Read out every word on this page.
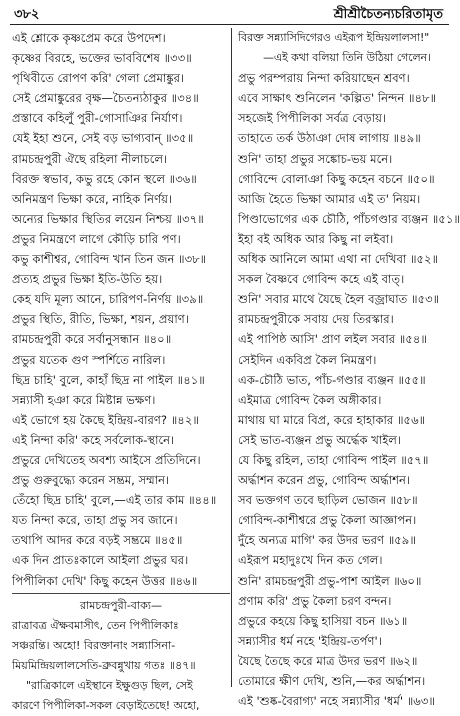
৩৮২	শ্রীশ্রীচৈতন্যচরিতামৃত
এই শ্লোকে কৃষ্ণপ্রেম করে উপদেশ।
কৃষ্ণের বিরহে, ভক্তের ভাববিশেষ ॥৩৩॥
পৃথিবীতে রোপণ করি' গেলা প্রেমাঙ্কুর।
সেই প্রেমাঙ্কুরের বৃক্ষ—চৈতন্যঠাকুর ॥৩৪॥
প্রস্তাবে কহিলুঁ পুরী-গোসাঞির নির্যাণ।
যেই ইহা শুনে, সেই বড় ভাগ্যবান্ ॥৩৫॥
রামচন্দ্রপুরী ঐছে রহিলা নীলাচলে।
বিরক্ত স্বভাব, কভু রহে কোন স্থলে ॥৩৬॥
অনিমন্ত্রণ ভিক্ষা করে, নাহিক নির্ণয়।
অন্যের ভিক্ষার স্থিতির লয়েন নিশ্চয় ॥৩৭॥
প্রভুর নিমন্ত্রণে লাগে কৌড়ি চারি পণ।
কভু কাশীশ্বর, গোবিন্দ খান তিন জন ॥৩৮॥
প্রত্যহ প্রভুর ভিক্ষা ইতি-উতি হয়।
কেহ যদি মূল্য আনে, চারিপণ-নির্ণয় ॥৩৯॥
প্রভুর স্থিতি, রীতি, ভিক্ষা, শয়ন, প্রয়াণ।
রামচন্দ্রপুরী করে সর্বানুসন্ধান ॥৪০॥
প্রভুর যতেক গুণ স্পর্শিতে নারিল।
ছিদ্র চাহি' বুলে, কাহাঁ ছিদ্র না পাইল ॥৪১॥
সন্ন্যাসী হঞা করে মিষ্টান্ন ভক্ষণ।
এই ভোগে হয় কৈছে ইন্দ্রিয়-বারণ? ॥৪২॥
এই নিন্দা করি' কহে সর্বলোক-স্থানে।
প্রভুরে দেখিতেহ অবশ্য আইসে প্রতিদিনে।
প্রভু গুরুবুদ্ধ্যে করেন সম্ভ্রম, সম্মান।
তেঁহো ছিদ্র চাহি' বুলে,—এই তার কাম ॥৪৪॥
যত নিন্দা করে, তাহা প্রভু সব জানে।
তথাপি আদর করে বড়ই সম্ভ্রমে ॥৪৫॥
এক দিন প্রাতঃকালে আইলা প্রভুর ঘর।
পিপীলিকা দেখি' কিছু কহেন উত্তর ॥৪৬॥
রামচন্দ্রপুরী-বাক্য—
রাত্রাবত্র ঐক্ষবমাসীৎ, তেন পিপীলিকাঃ
সঞ্চরন্তি। অহো! বিরক্তানাং সন্ন্যাসিনা-
মিয়মিন্দ্রিয়লালসেতি-ব্রুবন্নুখায় গতঃ ॥৪৭॥
"রাত্রিকালে এইস্থানে ইক্ষুগুড় ছিল, সেই
কারণে পিপীলিকা-সকল বেড়াইতেছে! অহো,
বিরক্ত সন্ন্যাসিদিগেরও এইরূপ ইন্দ্রিয়লালসা!"
—এই কথা বলিয়া তিনি উঠিয়া গেলেন।
প্রভু পরম্পরায় নিন্দা করিয়াছেন শ্রবণ।
এবে সাক্ষাৎ শুনিলেন 'কল্পিত' নিন্দন ॥৪৮॥
সহজেই পিপীলিকা সর্বত্র বেড়ায়।
তাহাতে তর্ক উঠাঞা দোষ লাগায় ॥৪৯॥
শুনি' তাহা প্রভুর সঙ্কোচ-ভয় মনে।
গোবিন্দে বোলাঞা কিছু কহেন বচনে ॥৫০॥
আজি হৈতে ভিক্ষা আমার এই ত' নিয়ম।
পিণ্ডাভোগের এক চৌঠি, পাঁচগণ্ডার ব্যঞ্জন ॥৫১॥
ইহা বই অধিক আর কিছু না লইবা।
অধিক আনিলে আমা এথা না দেখিবা ॥৫২॥
সকল বৈষ্ণবে গোবিন্দ কহে এই বাত্।
শুনি' সবার মাথে যৈছে হৈল বজ্রাঘাত ॥৫৩॥
রামচন্দ্রপুরীকে সবায় দেয় তিরস্কার।
এই পাপিষ্ঠ আসি' প্রাণ লইল সবার ॥৫৪॥
সেইদিন একবিপ্র কৈল নিমন্ত্রণ।
এক-চৌঠি ভাত, পাঁচ-গণ্ডার ব্যঞ্জন ॥৫৫॥
এইমাত্র গোবিন্দ কৈল অঙ্গীকার।
মাথায় ঘা মারে বিপ্র, করে হাহাকার ॥৫৬॥
সেই ভাত-ব্যঞ্জন প্রভু অর্দ্ধেক খাইল।
যে কিছু রহিল, তাহা গোবিন্দ পাইল ॥৫৭॥
অর্দ্ধাশন করেন প্রভু, গোবিন্দ অর্দ্ধাশন।
সব ভক্তগণ তবে ছাড়িল ভোজন ॥৫৮॥
গোবিন্দ-কাশীশ্বরে প্রভু কৈলা আজ্ঞাপন।
দুঁহে অন্যত্র মাগি' কর উদর ভরণ ॥৫৯॥
এইরূপ মহাদুঃখে দিন কত গেল।
শুনি' রামচন্দ্রপুরী প্রভু-পাশ আইল ॥৬০॥
প্রণাম করি' প্রভু কৈলা চরণ বন্দন।
প্রভুরে কহয়ে কিছু হাসিয়া বচন ॥৬১॥
সন্ন্যাসীর ধর্ম নহে 'ইন্দ্রিয়-তর্পণ'।
যৈছে তৈছে করে মাত্র উদর ভরণ ॥৬২॥
তোমারে ক্ষীণ দেখি, শুনি,—কর অর্দ্ধাশন।
এই 'শুষ্ক-বৈরাগ্য' নহে সন্ন্যাসীর 'ধর্ম' ॥৬৩॥
